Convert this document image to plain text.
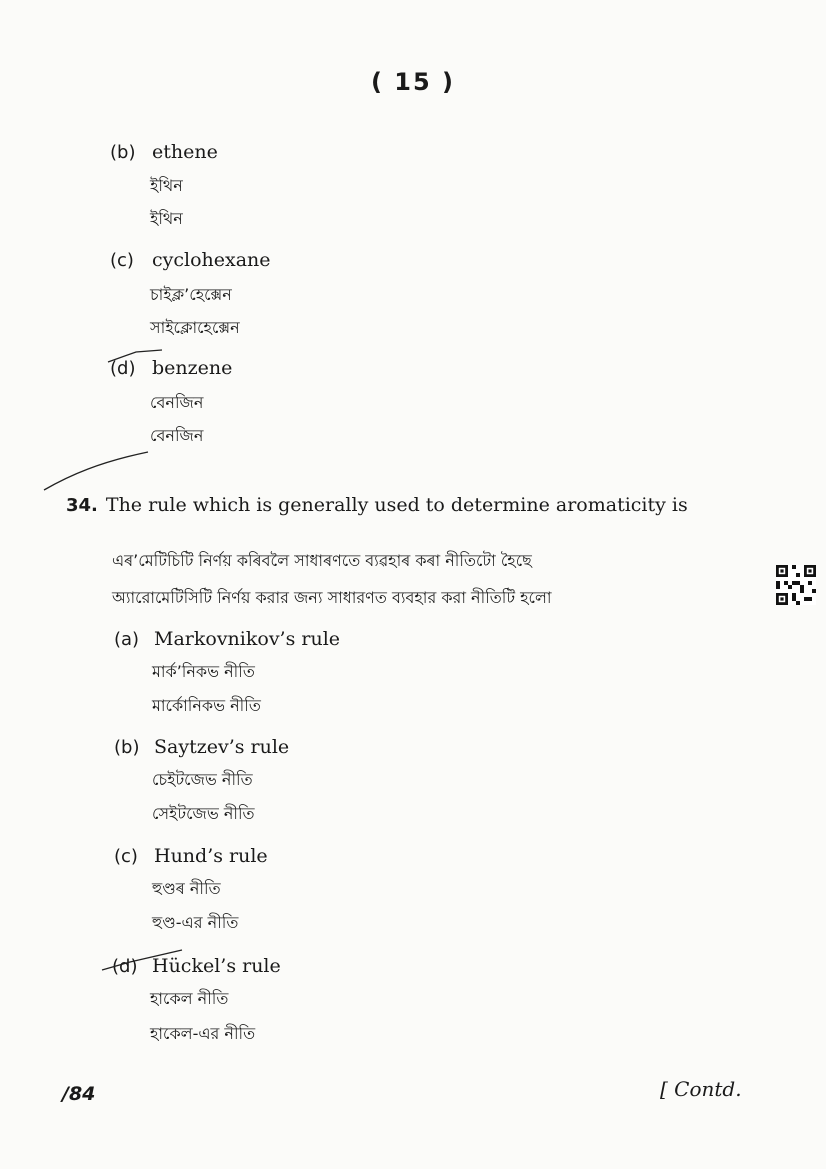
( 15 )
(b) ethene
ইথিন
ইথিন
(c) cyclohexane
চাইক্ল’হেক্সেন
সাইক্লোহেক্সেন
(d) benzene
বেনজিন
বেনজিন
34. The rule which is generally used to determine aromaticity is
এৰ’মেটিচিটি নিৰ্ণয় কৰিবলৈ সাধাৰণতে ব্যৱহাৰ কৰা নীতিটো হৈছে
অ্যারোমেটিসিটি নির্ণয় করার জন্য সাধারণত ব্যবহার করা নীতিটি হলো
(a) Markovnikov’s rule
মাৰ্ক’নিকভ নীতি
মার্কোনিকভ নীতি
(b) Saytzev’s rule
চেইটজেভ নীতি
সেইটজেভ নীতি
(c) Hund’s rule
হুণ্ডৰ নীতি
হুণ্ড-এর নীতি
(d) Hückel’s rule
হাকেল নীতি
হাকেল-এর নীতি
/84	[ Contd.
